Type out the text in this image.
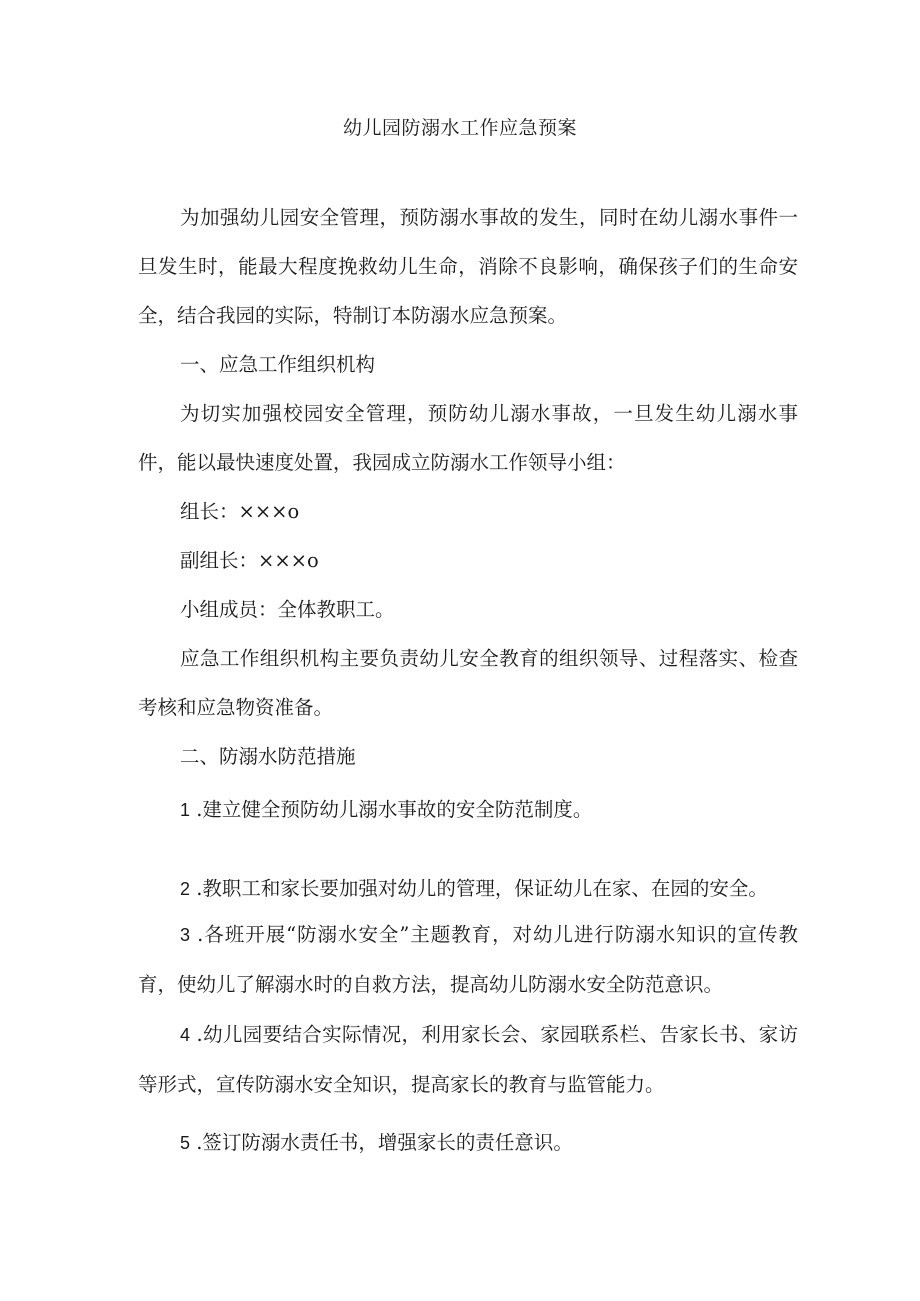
幼儿园防溺水工作应急预案

为加强幼儿园安全管理，预防溺水事故的发生，同时在幼儿溺水事件一旦发生时，能最大程度挽救幼儿生命，消除不良影响，确保孩子们的生命安全，结合我园的实际，特制订本防溺水应急预案。

一、应急工作组织机构

为切实加强校园安全管理，预防幼儿溺水事故，一旦发生幼儿溺水事件，能以最快速度处置，我园成立防溺水工作领导小组：

组长：×××o

副组长：×××o

小组成员：全体教职工。

应急工作组织机构主要负责幼儿安全教育的组织领导、过程落实、检查考核和应急物资准备。

二、防溺水防范措施

1 .建立健全预防幼儿溺水事故的安全防范制度。

2 .教职工和家长要加强对幼儿的管理，保证幼儿在家、在园的安全。

3 .各班开展“防溺水安全”主题教育，对幼儿进行防溺水知识的宣传教育，使幼儿了解溺水时的自救方法，提高幼儿防溺水安全防范意识。

4 .幼儿园要结合实际情况，利用家长会、家园联系栏、告家长书、家访等形式，宣传防溺水安全知识，提高家长的教育与监管能力。

5 .签订防溺水责任书，增强家长的责任意识。
